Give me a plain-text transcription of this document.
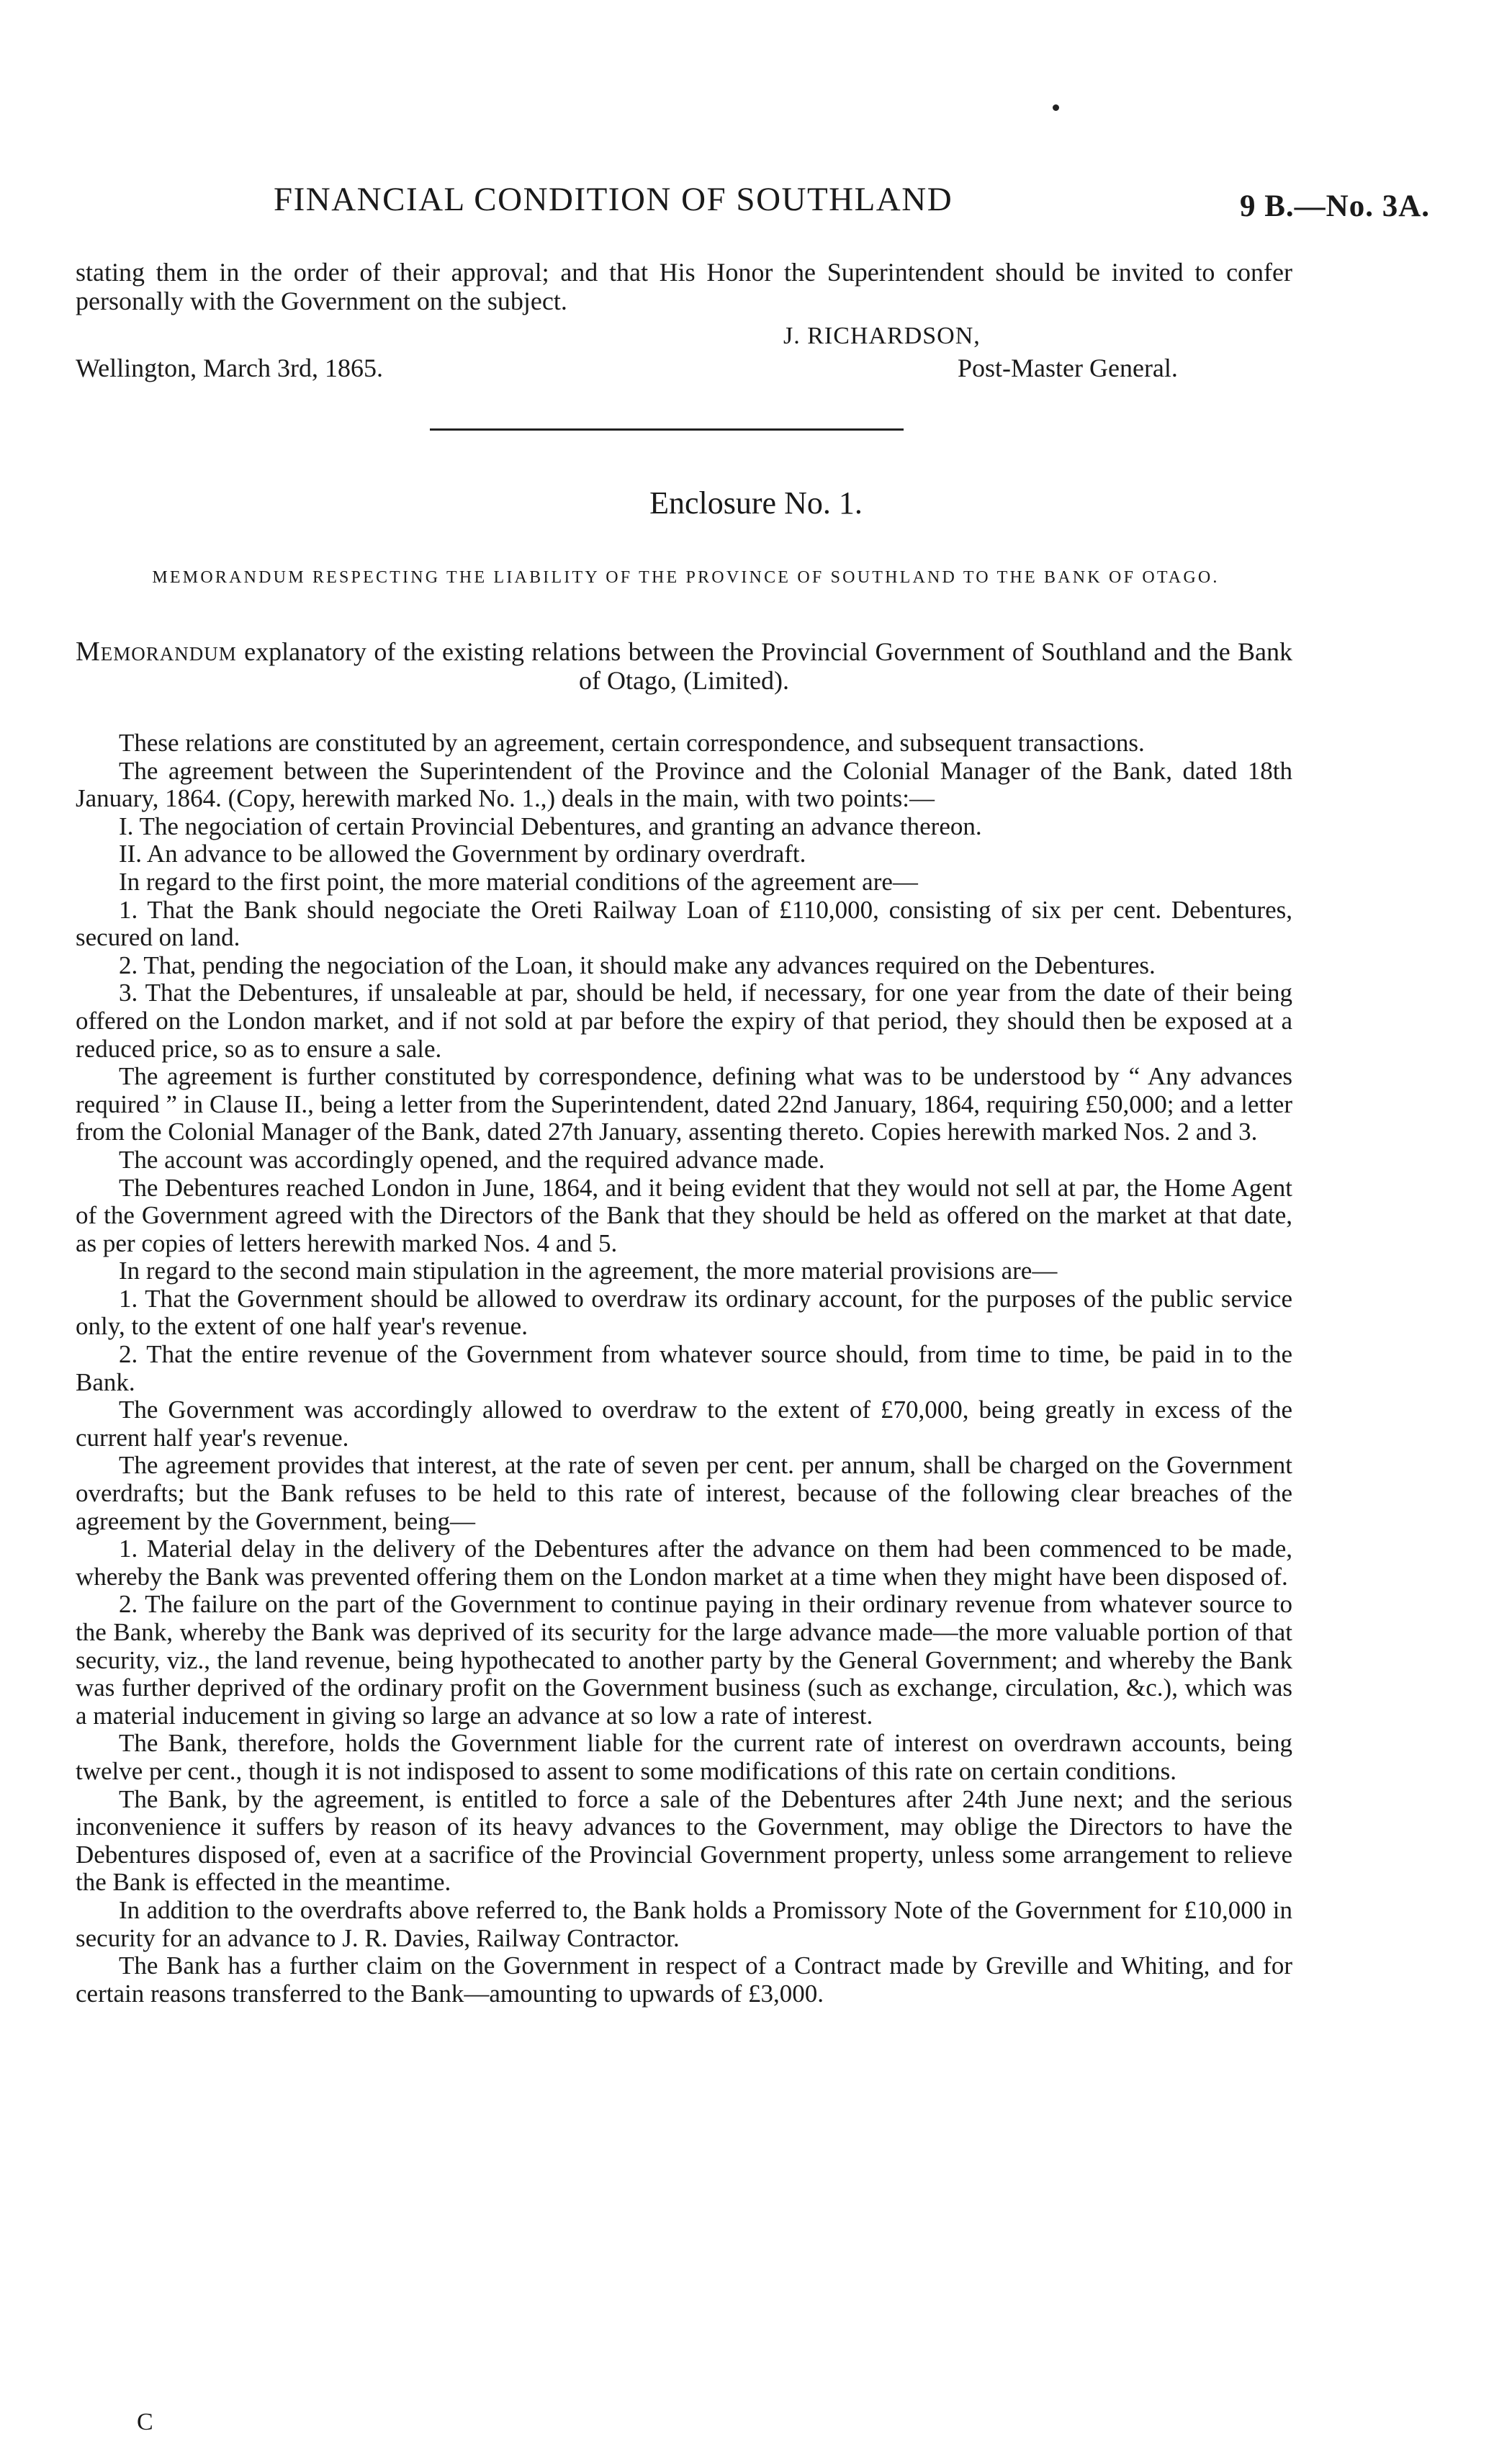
FINANCIAL CONDITION OF SOUTHLAND	9 B.—No. 3A.
stating them in the order of their approval; and that His Honor the Superintendent should be invited to confer personally with the Government on the subject.
J. RICHARDSON,
Wellington, March 3rd, 1865.	Post-Master General.
Enclosure No. 1.
MEMORANDUM RESPECTING THE LIABILITY OF THE PROVINCE OF SOUTHLAND TO THE BANK OF OTAGO.
Memorandum explanatory of the existing relations between the Provincial Government of Southland and the Bank of Otago, (Limited).

These relations are constituted by an agreement, certain correspondence, and subsequent transactions.

The agreement between the Superintendent of the Province and the Colonial Manager of the Bank, dated 18th January, 1864. (Copy, herewith marked No. 1.,) deals in the main, with two points:—

I. The negociation of certain Provincial Debentures, and granting an advance thereon.

II. An advance to be allowed the Government by ordinary overdraft.

In regard to the first point, the more material conditions of the agreement are—

1. That the Bank should negociate the Oreti Railway Loan of £110,000, consisting of six per cent. Debentures, secured on land.

2. That, pending the negociation of the Loan, it should make any advances required on the Debentures.

3. That the Debentures, if unsaleable at par, should be held, if necessary, for one year from the date of their being offered on the London market, and if not sold at par before the expiry of that period, they should then be exposed at a reduced price, so as to ensure a sale.

The agreement is further constituted by correspondence, defining what was to be understood by “ Any advances required ” in Clause II., being a letter from the Superintendent, dated 22nd January, 1864, requiring £50,000; and a letter from the Colonial Manager of the Bank, dated 27th January, assenting thereto. Copies herewith marked Nos. 2 and 3.

The account was accordingly opened, and the required advance made.

The Debentures reached London in June, 1864, and it being evident that they would not sell at par, the Home Agent of the Government agreed with the Directors of the Bank that they should be held as offered on the market at that date, as per copies of letters herewith marked Nos. 4 and 5.

In regard to the second main stipulation in the agreement, the more material provisions are—

1. That the Government should be allowed to overdraw its ordinary account, for the purposes of the public service only, to the extent of one half year's revenue.

2. That the entire revenue of the Government from whatever source should, from time to time, be paid in to the Bank.

The Government was accordingly allowed to overdraw to the extent of £70,000, being greatly in excess of the current half year's revenue.

The agreement provides that interest, at the rate of seven per cent. per annum, shall be charged on the Government overdrafts; but the Bank refuses to be held to this rate of interest, because of the following clear breaches of the agreement by the Government, being—

1. Material delay in the delivery of the Debentures after the advance on them had been commenced to be made, whereby the Bank was prevented offering them on the London market at a time when they might have been disposed of.

2. The failure on the part of the Government to continue paying in their ordinary revenue from whatever source to the Bank, whereby the Bank was deprived of its security for the large advance made—the more valuable portion of that security, viz., the land revenue, being hypothecated to another party by the General Government; and whereby the Bank was further deprived of the ordinary profit on the Government business (such as exchange, circulation, &c.), which was a material inducement in giving so large an advance at so low a rate of interest.

The Bank, therefore, holds the Government liable for the current rate of interest on overdrawn accounts, being twelve per cent., though it is not indisposed to assent to some modifications of this rate on certain conditions.

The Bank, by the agreement, is entitled to force a sale of the Debentures after 24th June next; and the serious inconvenience it suffers by reason of its heavy advances to the Government, may oblige the Directors to have the Debentures disposed of, even at a sacrifice of the Provincial Government property, unless some arrangement to relieve the Bank is effected in the meantime.

In addition to the overdrafts above referred to, the Bank holds a Promissory Note of the Government for £10,000 in security for an advance to J. R. Davies, Railway Contractor.

The Bank has a further claim on the Government in respect of a Contract made by Greville and Whiting, and for certain reasons transferred to the Bank—amounting to upwards of £3,000.

C
